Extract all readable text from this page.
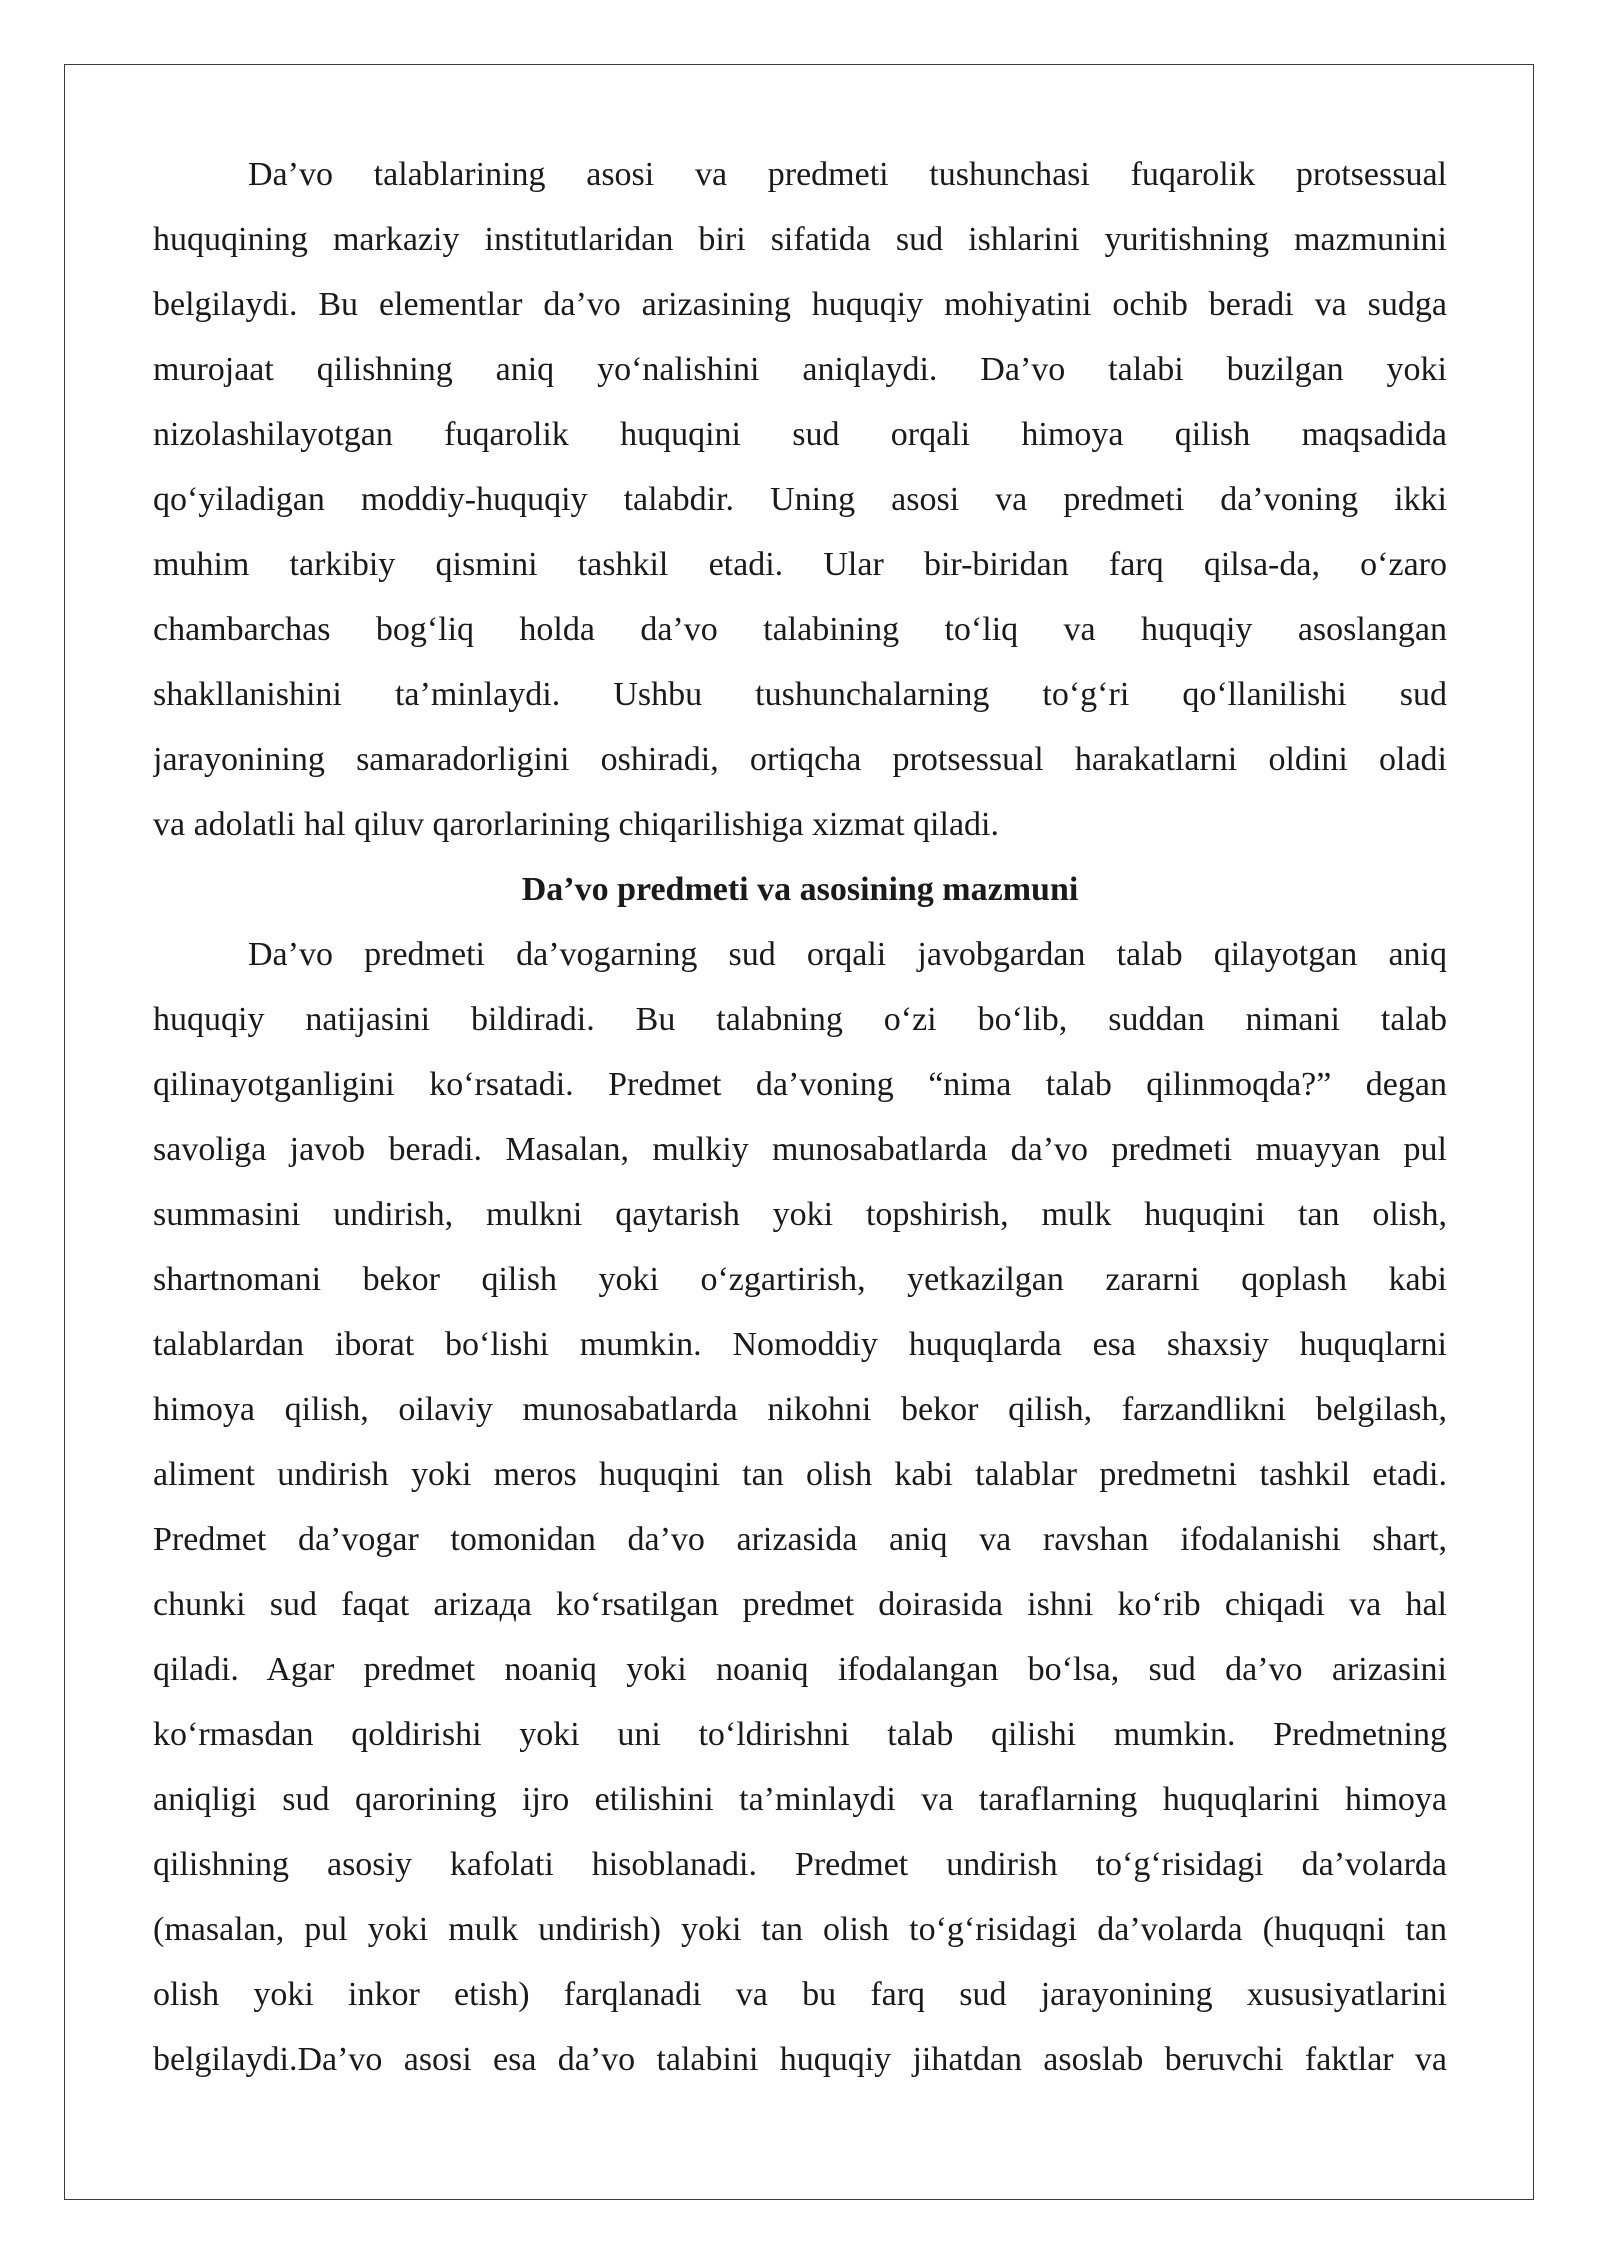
Da’vo talablarining asosi va predmeti tushunchasi fuqarolik protsessual
huquqining markaziy institutlaridan biri sifatida sud ishlarini yuritishning mazmunini
belgilaydi. Bu elementlar da’vo arizasining huquqiy mohiyatini ochib beradi va sudga
murojaat qilishning aniq yo‘nalishini aniqlaydi. Da’vo talabi buzilgan yoki
nizolashilayotgan fuqarolik huquqini sud orqali himoya qilish maqsadida
qo‘yiladigan moddiy-huquqiy talabdir. Uning asosi va predmeti da’voning ikki
muhim tarkibiy qismini tashkil etadi. Ular bir-biridan farq qilsa-da, o‘zaro
chambarchas bog‘liq holda da’vo talabining to‘liq va huquqiy asoslangan
shakllanishini ta’minlaydi. Ushbu tushunchalarning to‘g‘ri qo‘llanilishi sud
jarayonining samaradorligini oshiradi, ortiqcha protsessual harakatlarni oldini oladi
va adolatli hal qiluv qarorlarining chiqarilishiga xizmat qiladi.
Da’vo predmeti va asosining mazmuni
Da’vo predmeti da’vogarning sud orqali javobgardan talab qilayotgan aniq
huquqiy natijasini bildiradi. Bu talabning o‘zi bo‘lib, suddan nimani talab
qilinayotganligini ko‘rsatadi. Predmet da’voning “nima talab qilinmoqda?” degan
savoliga javob beradi. Masalan, mulkiy munosabatlarda da’vo predmeti muayyan pul
summasini undirish, mulkni qaytarish yoki topshirish, mulk huquqini tan olish,
shartnomani bekor qilish yoki o‘zgartirish, yetkazilgan zararni qoplash kabi
talablardan iborat bo‘lishi mumkin. Nomoddiy huquqlarda esa shaxsiy huquqlarni
himoya qilish, oilaviy munosabatlarda nikohni bekor qilish, farzandlikni belgilash,
aliment undirish yoki meros huquqini tan olish kabi talablar predmetni tashkil etadi.
Predmet da’vogar tomonidan da’vo arizasida aniq va ravshan ifodalanishi shart,
chunki sud faqat arizада ko‘rsatilgan predmet doirasida ishni ko‘rib chiqadi va hal
qiladi. Agar predmet noaniq yoki noaniq ifodalangan bo‘lsa, sud da’vo arizasini
ko‘rmasdan qoldirishi yoki uni to‘ldirishni talab qilishi mumkin. Predmetning
aniqligi sud qarorining ijro etilishini ta’minlaydi va taraflarning huquqlarini himoya
qilishning asosiy kafolati hisoblanadi. Predmet undirish to‘g‘risidagi da’volarda
(masalan, pul yoki mulk undirish) yoki tan olish to‘g‘risidagi da’volarda (huquqni tan
olish yoki inkor etish) farqlanadi va bu farq sud jarayonining xususiyatlarini
belgilaydi.Da’vo asosi esa da’vo talabini huquqiy jihatdan asoslab beruvchi faktlar va
